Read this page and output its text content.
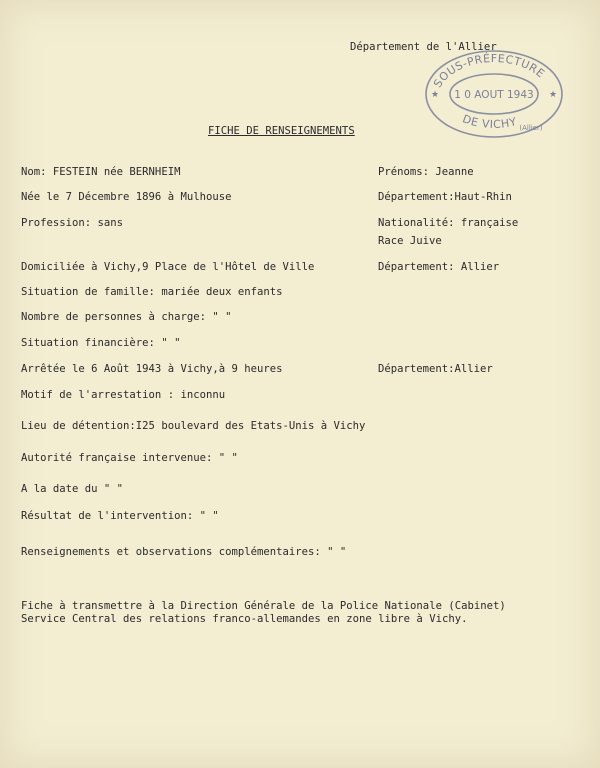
Département de l'Allier
SOUS-PRÉFECTURE
1 0 AOUT 1943
DE VICHY (Allier)
★	★
FICHE DE RENSEIGNEMENTS
Nom: FESTEIN née BERNHEIM	Prénoms: Jeanne
Née le 7 Décembre 1896 à Mulhouse	Département:Haut-Rhin
Profession: sans	Nationalité: française
Race Juive
Domiciliée à Vichy,9 Place de l'Hôtel de Ville	Département: Allier
Situation de famille: mariée deux enfants
Nombre de personnes à charge: " "
Situation financière: " "
Arrêtée le 6 Août 1943 à Vichy,à 9 heures	Département:Allier
Motif de l'arrestation : inconnu
Lieu de détention:I25 boulevard des Etats-Unis à Vichy
Autorité française intervenue: " "
A la date du " "
Résultat de l'intervention: " "
Renseignements et observations complémentaires: " "
Fiche à transmettre à la Direction Générale de la Police Nationale (Cabinet)
Service Central des relations franco-allemandes en zone libre à Vichy.
